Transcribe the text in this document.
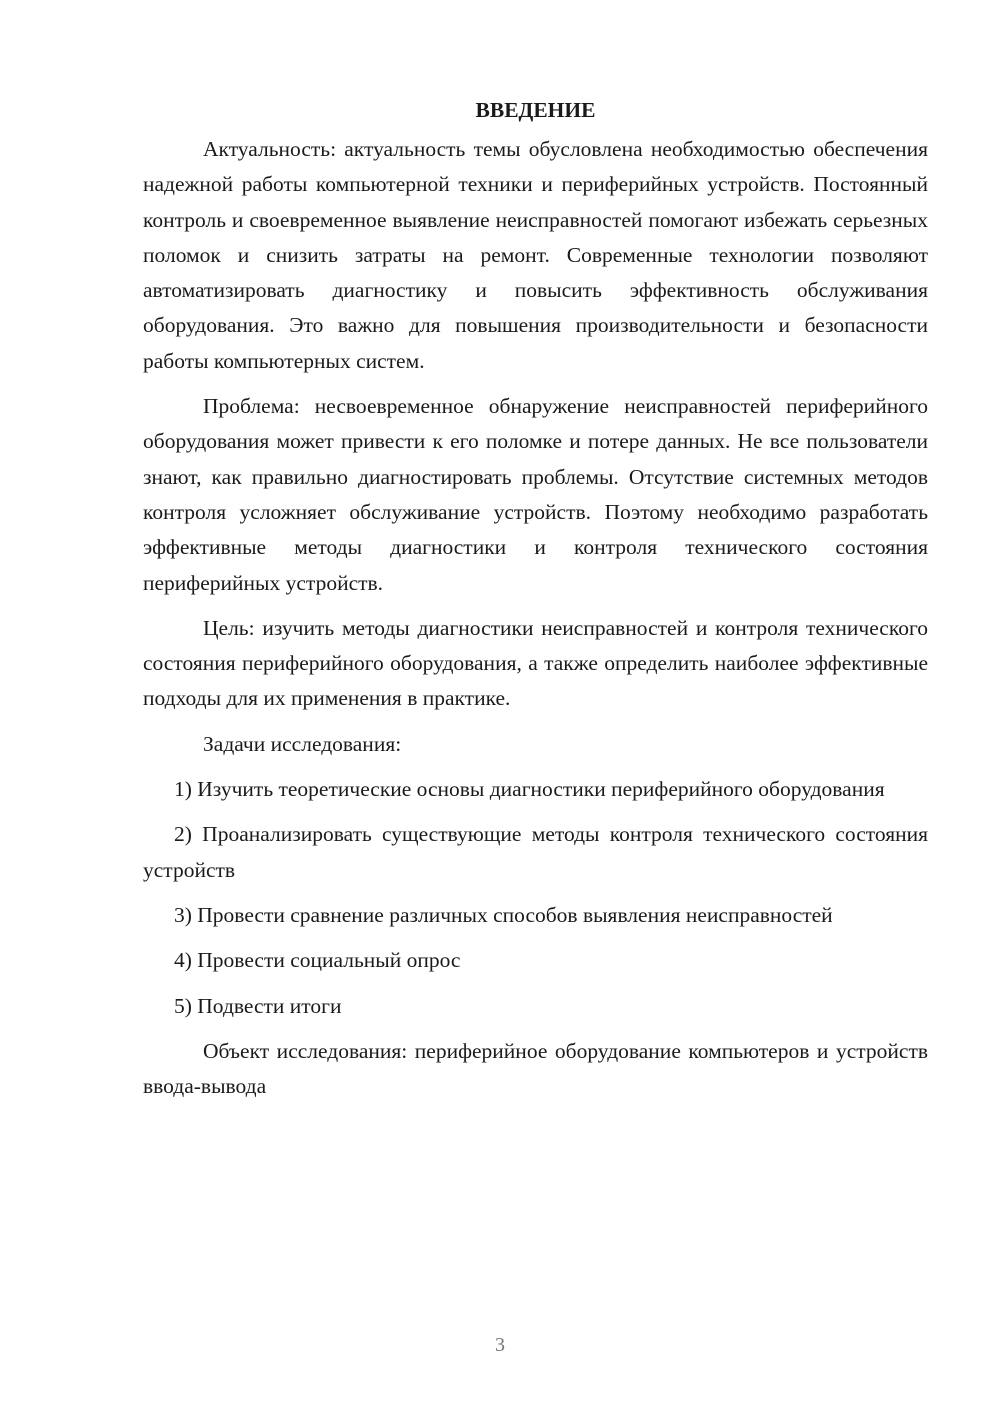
ВВЕДЕНИЕ

Актуальность: актуальность темы обусловлена необходимостью обеспечения надежной работы компьютерной техники и периферийных устройств. Постоянный контроль и своевременное выявление неисправностей помогают избежать серьезных поломок и снизить затраты на ремонт. Современные технологии позволяют автоматизировать диагностику и повысить эффективность обслуживания оборудования. Это важно для повышения производительности и безопасности работы компьютерных систем.

Проблема: несвоевременное обнаружение неисправностей периферийного оборудования может привести к его поломке и потере данных. Не все пользователи знают, как правильно диагностировать проблемы. Отсутствие системных методов контроля усложняет обслуживание устройств. Поэтому необходимо разработать эффективные методы диагностики и контроля технического состояния периферийных устройств.

Цель: изучить методы диагностики неисправностей и контроля технического состояния периферийного оборудования, а также определить наиболее эффективные подходы для их применения в практике.

Задачи исследования:

1) Изучить теоретические основы диагностики периферийного оборудования

2) Проанализировать существующие методы контроля технического состояния устройств

3) Провести сравнение различных способов выявления неисправностей

4) Провести социальный опрос

5) Подвести итоги

Объект исследования: периферийное оборудование компьютеров и устройств ввода-вывода

3
